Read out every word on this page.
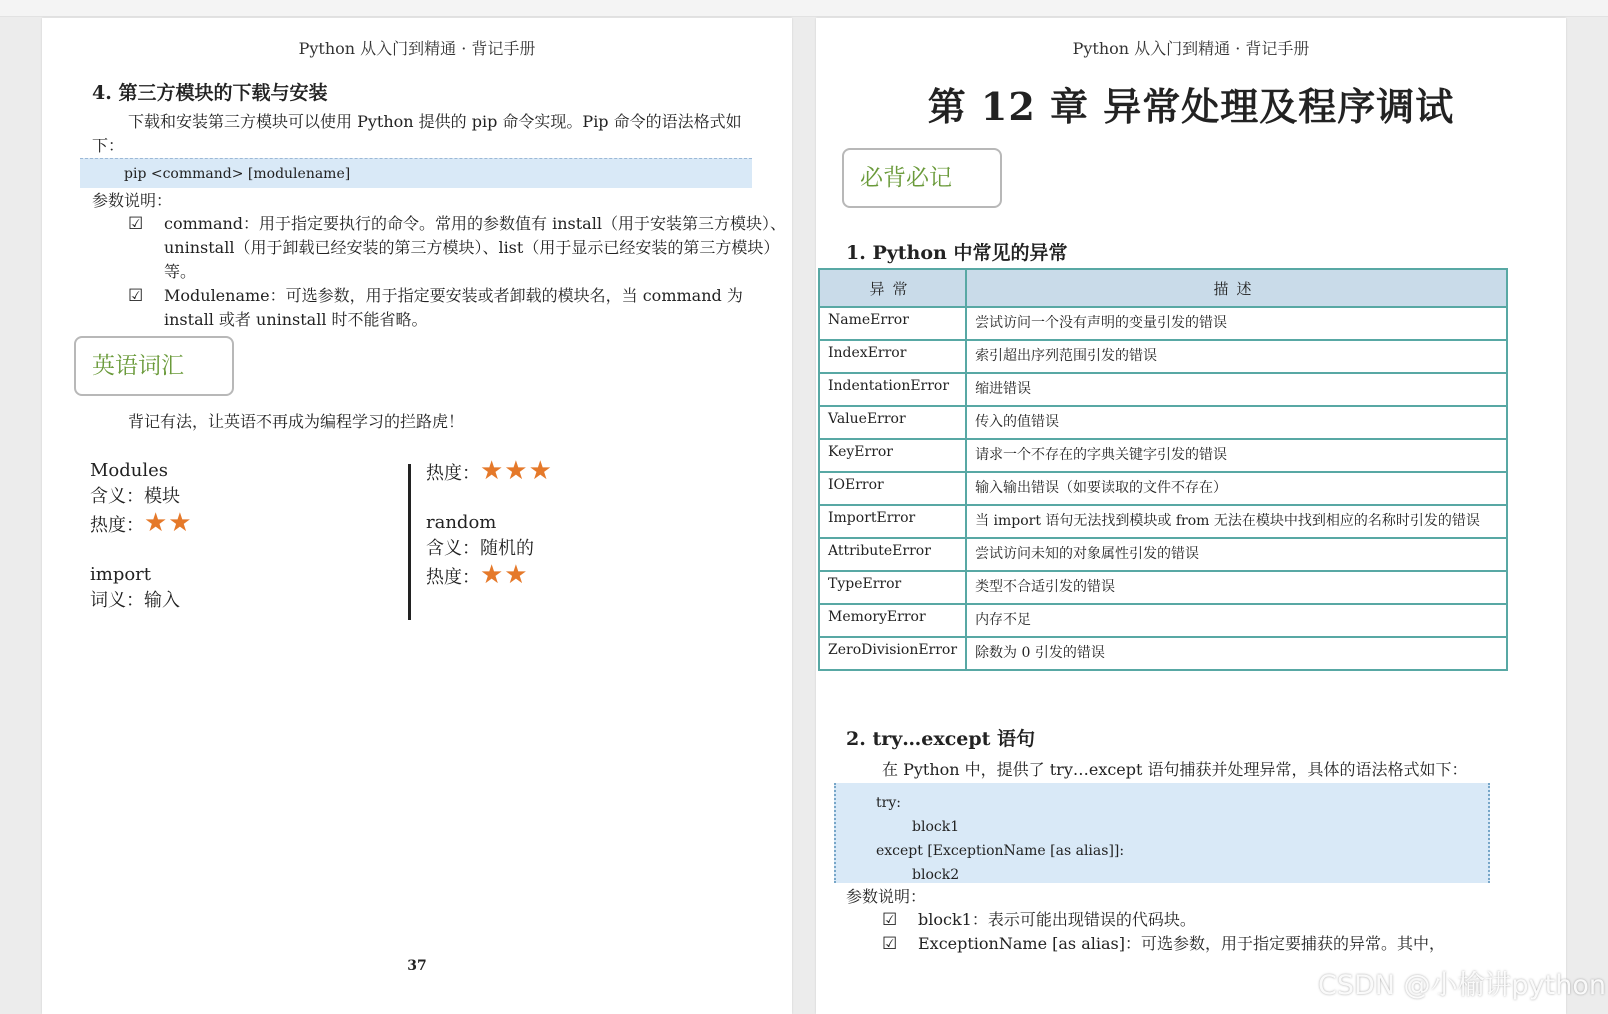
Python 从入门到精通 · 背记手册
4. 第三方模块的下载与安装
下载和安装第三方模块可以使用 Python 提供的 pip 命令实现。Pip 命令的语法格式如下：
pip <command> [modulename]
参数说明：
☑	command：用于指定要执行的命令。常用的参数值有 install（用于安装第三方模块）、uninstall（用于卸载已经安装的第三方模块）、list（用于显示已经安装的第三方模块）等。
☑	Modulename：可选参数，用于指定要安装或者卸载的模块名，当 command 为 install 或者 uninstall 时不能省略。
英语词汇
背记有法，让英语不再成为编程学习的拦路虎！
Modules
含义：模块
热度：★★
import
词义：输入
热度：★★★
random
含义：随机的
热度：★★
37
Python 从入门到精通 · 背记手册
第 12 章 异常处理及程序调试
必背必记
1. Python 中常见的异常
异常	描述
NameError	尝试访问一个没有声明的变量引发的错误
IndexError	索引超出序列范围引发的错误
IndentationError	缩进错误
ValueError	传入的值错误
KeyError	请求一个不存在的字典关键字引发的错误
IOError	输入输出错误（如要读取的文件不存在）
ImportError	当 import 语句无法找到模块或 from 无法在模块中找到相应的名称时引发的错误
AttributeError	尝试访问未知的对象属性引发的错误
TypeError	类型不合适引发的错误
MemoryError	内存不足
ZeroDivisionError	除数为 0 引发的错误
2. try…except 语句
在 Python 中，提供了 try…except 语句捕获并处理异常，具体的语法格式如下：
try:
block1
except [ExceptionName [as alias]]:
block2
参数说明：
☑	block1：表示可能出现错误的代码块。
☑	ExceptionName [as alias]：可选参数，用于指定要捕获的异常。其中，
CSDN @小榆讲python
